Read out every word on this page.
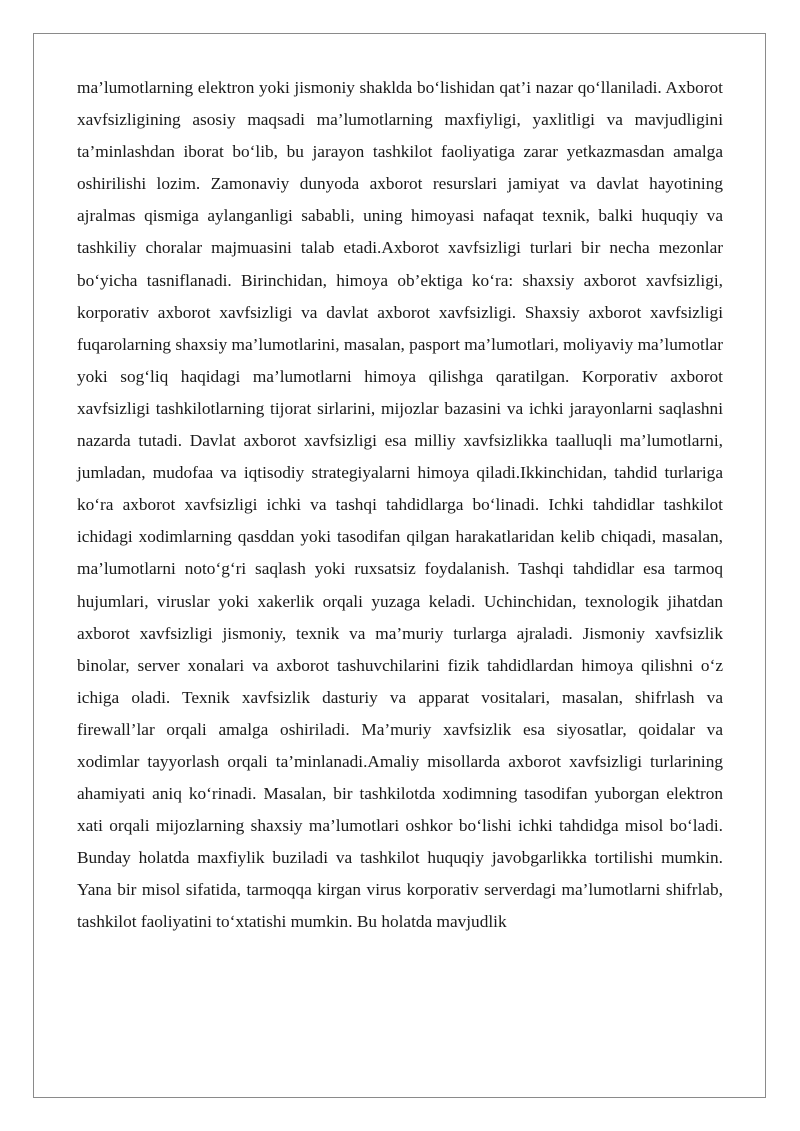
ma’lumotlarning elektron yoki jismoniy shaklda bo‘lishidan qat’i nazar qo‘llaniladi. Axborot xavfsizligining asosiy maqsadi ma’lumotlarning maxfiyligi, yaxlitligi va mavjudligini ta’minlashdan iborat bo‘lib, bu jarayon tashkilot faoliyatiga zarar yetkazmasdan amalga oshirilishi lozim. Zamonaviy dunyoda axborot resurslari jamiyat va davlat hayotining ajralmas qismiga aylanganligi sababli, uning himoyasi nafaqat texnik, balki huquqiy va tashkiliy choralar majmuasini talab etadi.Axborot xavfsizligi turlari bir necha mezonlar bo‘yicha tasniflanadi. Birinchidan, himoya ob’ektiga ko‘ra: shaxsiy axborot xavfsizligi, korporativ axborot xavfsizligi va davlat axborot xavfsizligi. Shaxsiy axborot xavfsizligi fuqarolarning shaxsiy ma’lumotlarini, masalan, pasport ma’lumotlari, moliyaviy ma’lumotlar yoki sog‘liq haqidagi ma’lumotlarni himoya qilishga qaratilgan. Korporativ axborot xavfsizligi tashkilotlarning tijorat sirlarini, mijozlar bazasini va ichki jarayonlarni saqlashni nazarda tutadi. Davlat axborot xavfsizligi esa milliy xavfsizlikka taalluqli ma’lumotlarni, jumladan, mudofaa va iqtisodiy strategiyalarni himoya qiladi.Ikkinchidan, tahdid turlariga ko‘ra axborot xavfsizligi ichki va tashqi tahdidlarga bo‘linadi. Ichki tahdidlar tashkilot ichidagi xodimlarning qasddan yoki tasodifan qilgan harakatlaridan kelib chiqadi, masalan, ma’lumotlarni noto‘g‘ri saqlash yoki ruxsatsiz foydalanish. Tashqi tahdidlar esa tarmoq hujumlari, viruslar yoki xakerlik orqali yuzaga keladi. Uchinchidan, texnologik jihatdan axborot xavfsizligi jismoniy, texnik va ma’muriy turlarga ajraladi. Jismoniy xavfsizlik binolar, server xonalari va axborot tashuvchilarini fizik tahdidlardan himoya qilishni o‘z ichiga oladi. Texnik xavfsizlik dasturiy va apparat vositalari, masalan, shifrlash va firewall’lar orqali amalga oshiriladi. Ma’muriy xavfsizlik esa siyosatlar, qoidalar va xodimlar tayyorlash orqali ta’minlanadi.Amaliy misollarda axborot xavfsizligi turlarining ahamiyati aniq ko‘rinadi. Masalan, bir tashkilotda xodimning tasodifan yuborgan elektron xati orqali mijozlarning shaxsiy ma’lumotlari oshkor bo‘lishi ichki tahdidga misol bo‘ladi. Bunday holatda maxfiylik buziladi va tashkilot huquqiy javobgarlikka tortilishi mumkin. Yana bir misol sifatida, tarmoqqa kirgan virus korporativ serverdagi ma’lumotlarni shifrlab, tashkilot faoliyatini to‘xtatishi mumkin. Bu holatda mavjudlik
